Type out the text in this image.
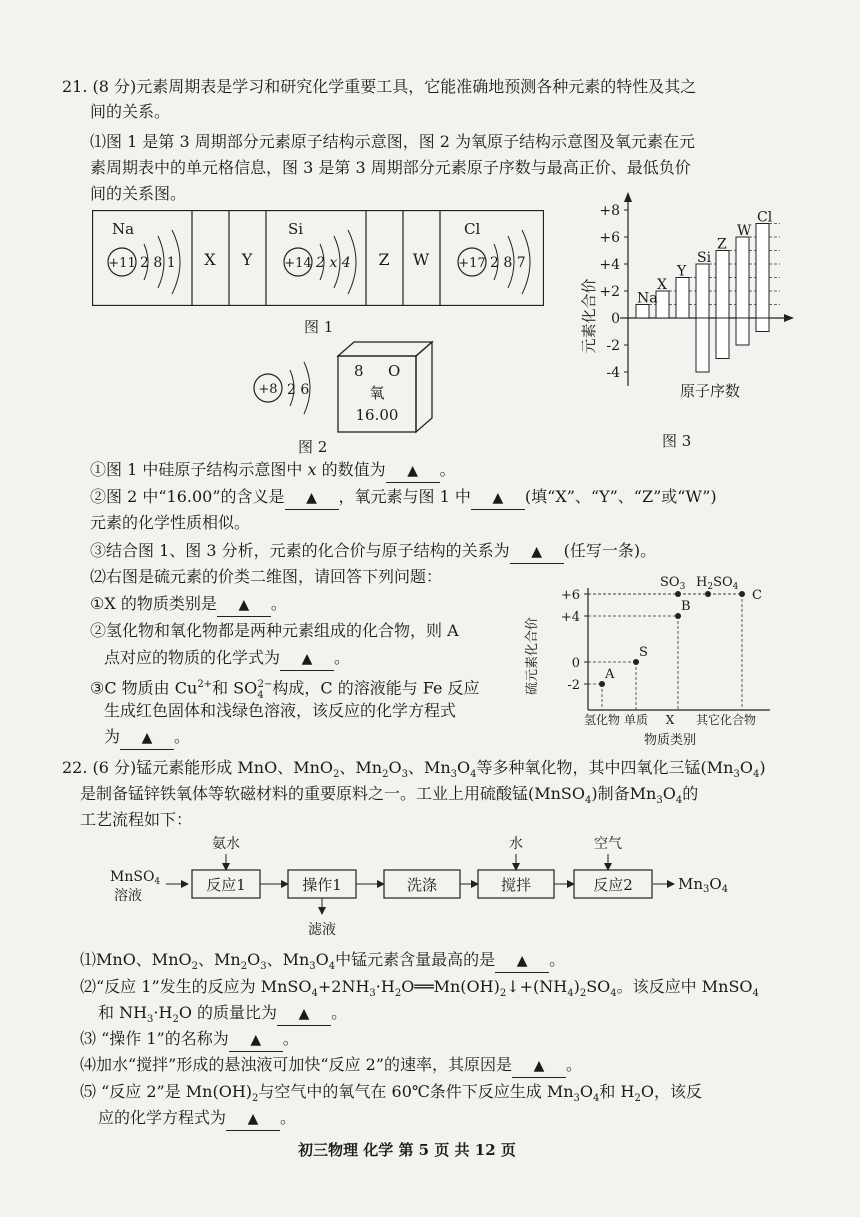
21. (8 分)元素周期表是学习和研究化学重要工具，它能准确地预测各种元素的特性及其之
间的关系。
⑴图 1 是第 3 周期部分元素原子结构示意图，图 2 为氧原子结构示意图及氧元素在元
素周期表中的单元格信息，图 3 是第 3 周期部分元素原子序数与最高正价、最低负价
间的关系图。
Na
+11 2 8 1 X Y
Si
+14 2 x 4 Z W
Cl
+17 2 8 7
图 1
+8 2 6
8 O
氧
16.00
图 2
+8
+6
+4
+2
0
-2
-4
Na
X
Y
Si
Z
W
Cl
元素化合价
原子序数
图 3
①图 1 中硅原子结构示意图中 x 的数值为 ▲ 。
②图 2 中“16.00”的含义是 ▲ ，氧元素与图 1 中 ▲ (填“X”、“Y”、“Z”或“W”)
元素的化学性质相似。
③结合图 1、图 3 分析，元素的化合价与原子结构的关系为 ▲ (任写一条)。
⑵右图是硫元素的价类二维图，请回答下列问题：
①X 的物质类别是 ▲ 。
②氢化物和氧化物都是两种元素组成的化合物，则 A
点对应的物质的化学式为 ▲ 。
③C 物质由 $Cu^{2+}$和 $SO_4^{2-}$构成，C 的溶液能与 Fe 反应
生成红色固体和浅绿色溶液，该反应的化学方程式
为 ▲ 。
+6
+4
0
-2
A
S
B
C
硫元素化合价
氢化物 单质 X 其它化合物
物质类别
$SO_3$ $H_2SO_4$
22. (6 分)锰元素能形成 MnO、MnO$_2$、$Mn_2O_3$、$Mn_3O_4$等多种氧化物，其中四氧化三锰$(Mn_3O_4)$
是制备锰锌铁氧体等软磁材料的重要原料之一。工业上用硫酸锰(MnSO$_4$)制备$Mn_3O_4$的
工艺流程如下：
MnSO$_4$
溶液
反应1	操作1	洗涤	搅拌	反应2
氨水	水	空气
滤液
$Mn_3O_4$
⑴MnO、MnO$_2$、$Mn_2O_3$、$Mn_3O_4$中锰元素含量最高的是 ▲ 。
⑵“反应 1”发生的反应为 $MnSO_4+2NH_3\cdot H_2O══Mn(OH)_2↓+(NH_4)_2SO_4$。该反应中 MnSO$_4$
和 $NH_3\cdot H_2O$ 的质量比为 ▲ 。
⑶ “操作 1”的名称为 ▲ 。
⑷加水“搅拌”形成的悬浊液可加快“反应 2”的速率，其原因是 ▲ 。
⑸ “反应 2”是 $Mn(OH)_2$与空气中的氧气在 60℃条件下反应生成 $Mn_3O_4$和 $H_2O$，该反
应的化学方程式为 ▲ 。
初三物理 化学 第 5 页 共 12 页
